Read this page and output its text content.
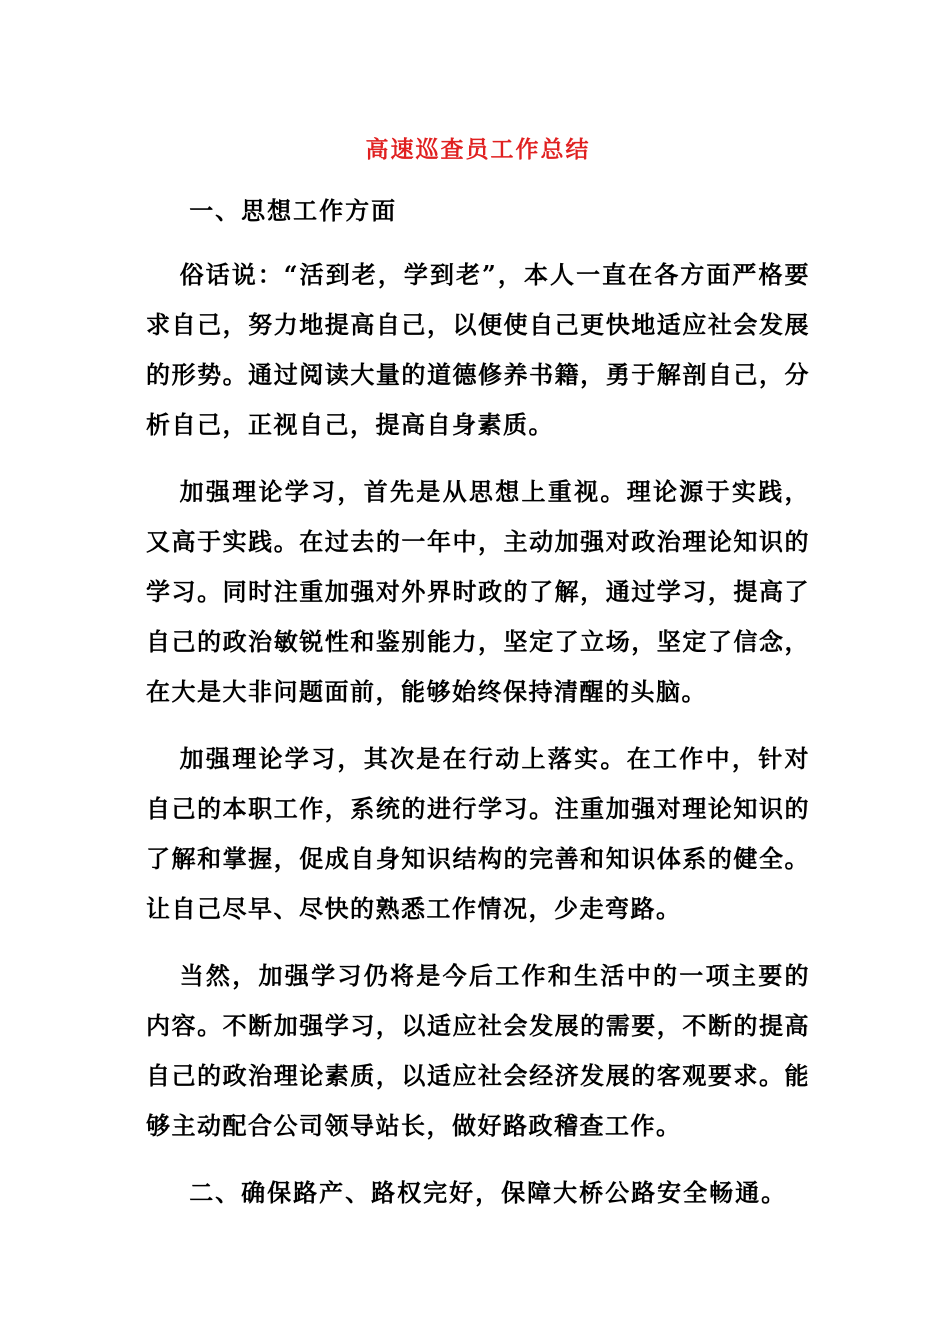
高速巡查员工作总结
一、思想工作方面

俗话说：“活到老，学到老”，本人一直在各方面严格要求自己，努力地提高自己，以便使自己更快地适应社会发展的形势。通过阅读大量的道德修养书籍，勇于解剖自己，分析自己，正视自己，提高自身素质。

加强理论学习，首先是从思想上重视。理论源于实践，又高于实践。在过去的一年中，主动加强对政治理论知识的学习。同时注重加强对外界时政的了解，通过学习，提高了自己的政治敏锐性和鉴别能力，坚定了立场，坚定了信念，在大是大非问题面前，能够始终保持清醒的头脑。

加强理论学习，其次是在行动上落实。在工作中，针对自己的本职工作，系统的进行学习。注重加强对理论知识的了解和掌握，促成自身知识结构的完善和知识体系的健全。让自己尽早、尽快的熟悉工作情况，少走弯路。

当然，加强学习仍将是今后工作和生活中的一项主要的内容。不断加强学习，以适应社会发展的需要，不断的提高自己的政治理论素质，以适应社会经济发展的客观要求。能够主动配合公司领导站长，做好路政稽查工作。

二、确保路产、路权完好，保障大桥公路安全畅通。
